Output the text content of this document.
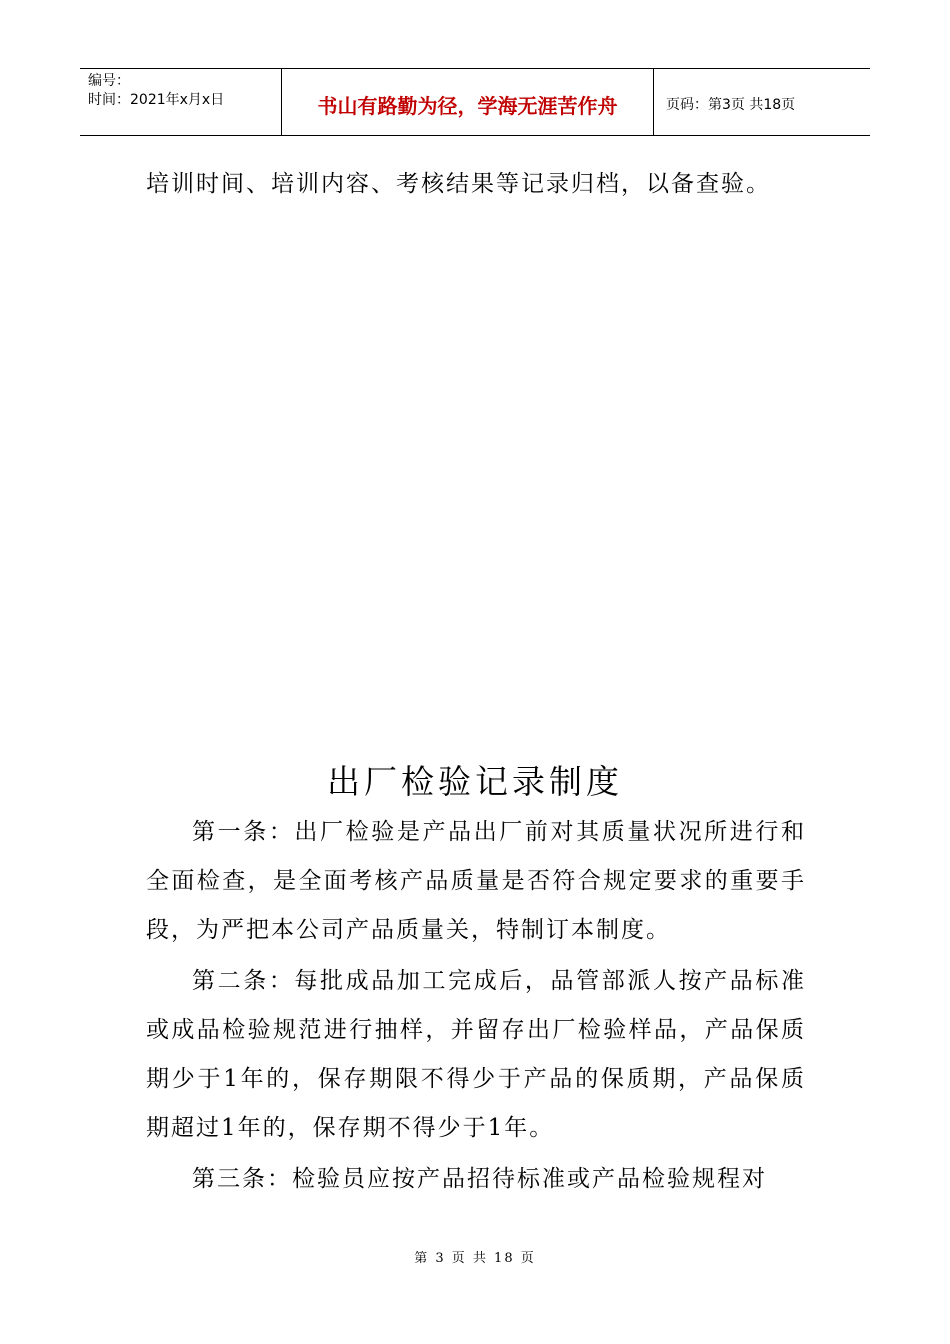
编号：
时间：2021年x月x日	书山有路勤为径，学海无涯苦作舟	页码：第3页 共18页
培训时间、培训内容、考核结果等记录归档，以备查验。
出厂检验记录制度
第一条：出厂检验是产品出厂前对其质量状况所进行和全面检查，是全面考核产品质量是否符合规定要求的重要手段，为严把本公司产品质量关，特制订本制度。
第二条：每批成品加工完成后，品管部派人按产品标准或成品检验规范进行抽样，并留存出厂检验样品，产品保质期少于1年的，保存期限不得少于产品的保质期，产品保质期超过1年的，保存期不得少于1年。
第三条：检验员应按产品招待标准或产品检验规程对
第 3 页 共 18 页
